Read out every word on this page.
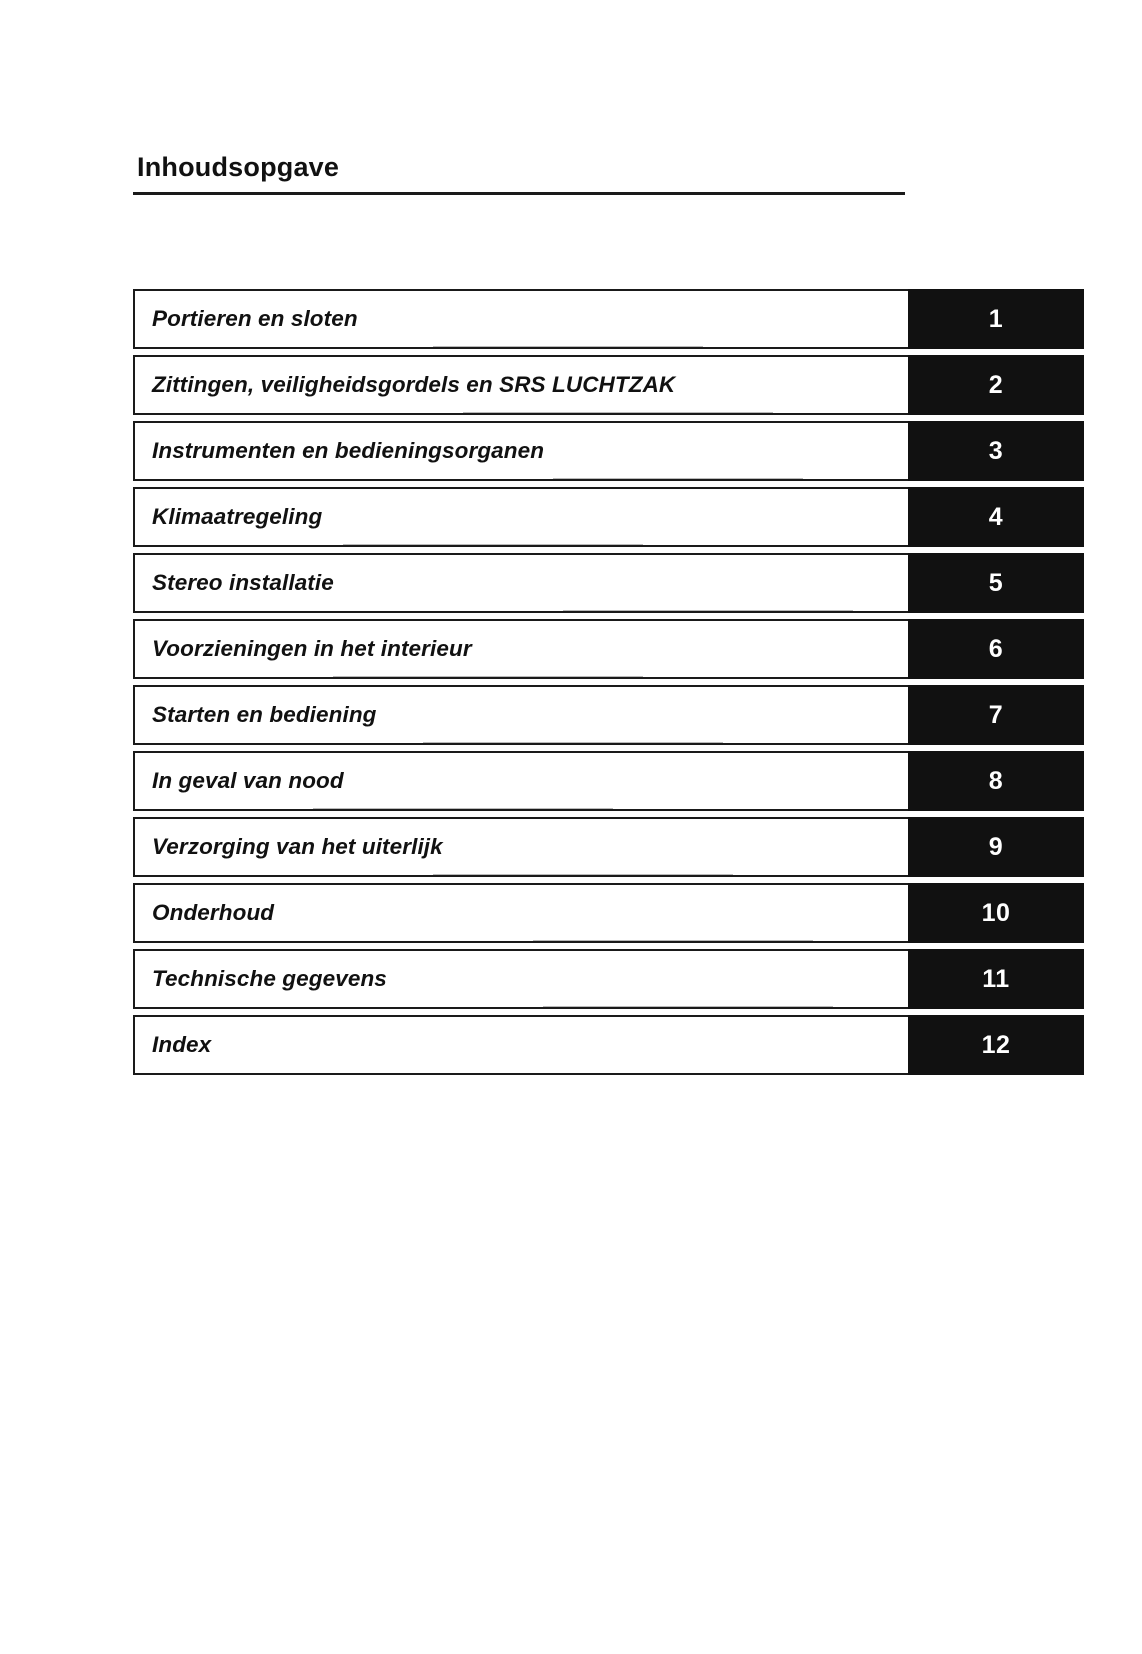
Inhoudsopgave
Portieren en sloten	1
Zittingen, veiligheidsgordels en SRS LUCHTZAK	2
Instrumenten en bedieningsorganen	3
Klimaatregeling	4
Stereo installatie	5
Voorzieningen in het interieur	6
Starten en bediening	7
In geval van nood	8
Verzorging van het uiterlijk	9
Onderhoud	10
Technische gegevens	11
Index	12
